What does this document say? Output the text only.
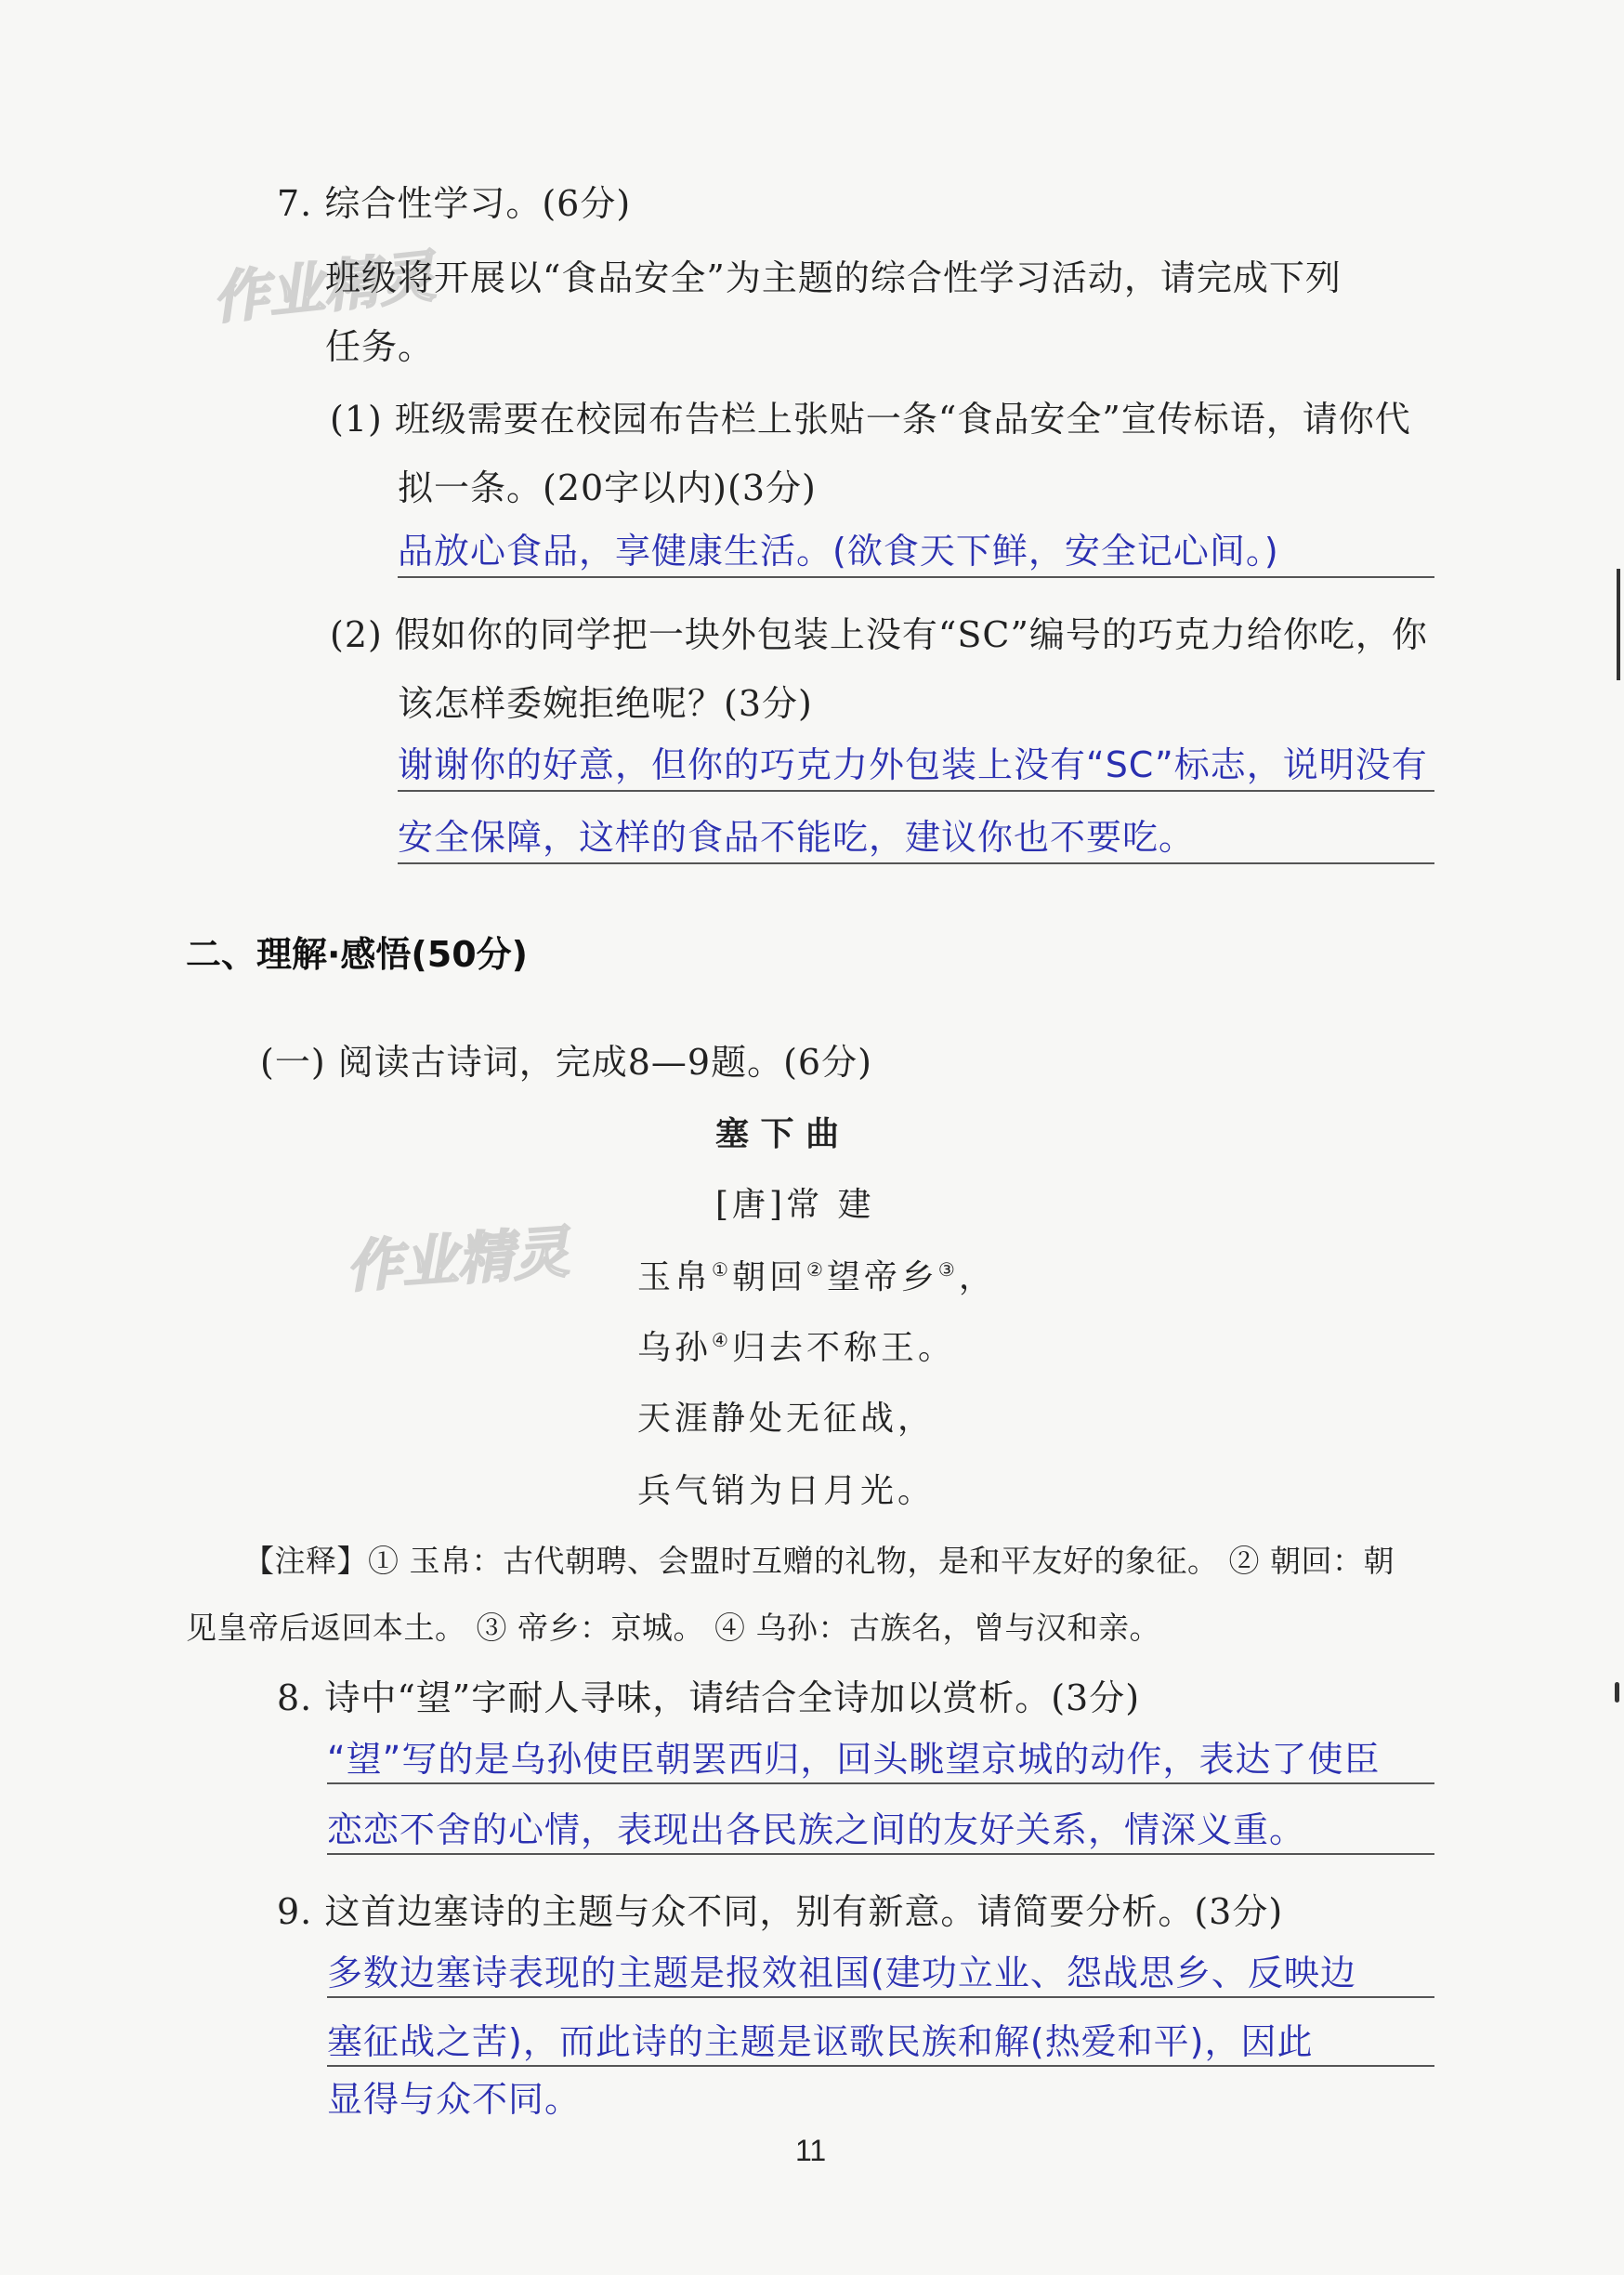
作业精灵
作业精灵
7. 综合性学习。(6分)
班级将开展以“食品安全”为主题的综合性学习活动，请完成下列
任务。
(1) 班级需要在校园布告栏上张贴一条“食品安全”宣传标语，请你代
拟一条。(20字以内)(3分)
品放心食品，享健康生活。(欲食天下鲜，安全记心间。)
(2) 假如你的同学把一块外包装上没有“SC”编号的巧克力给你吃，你
该怎样委婉拒绝呢？(3分)
谢谢你的好意，但你的巧克力外包装上没有“SC”标志，说明没有
安全保障，这样的食品不能吃，建议你也不要吃。
二、理解·感悟(50分)
(一) 阅读古诗词，完成8—9题。(6分)
塞 下 曲
[唐]常 建
玉帛①朝回②望帝乡③，
乌孙④归去不称王。
天涯静处无征战，
兵气销为日月光。
【注释】① 玉帛：古代朝聘、会盟时互赠的礼物，是和平友好的象征。 ② 朝回：朝
见皇帝后返回本土。 ③ 帝乡：京城。 ④ 乌孙：古族名，曾与汉和亲。
8. 诗中“望”字耐人寻味，请结合全诗加以赏析。(3分)
“望”写的是乌孙使臣朝罢西归，回头眺望京城的动作，表达了使臣
恋恋不舍的心情，表现出各民族之间的友好关系，情深义重。
9. 这首边塞诗的主题与众不同，别有新意。请简要分析。(3分)
多数边塞诗表现的主题是报效祖国(建功立业、怨战思乡、反映边
塞征战之苦)，而此诗的主题是讴歌民族和解(热爱和平)，因此
显得与众不同。
11
